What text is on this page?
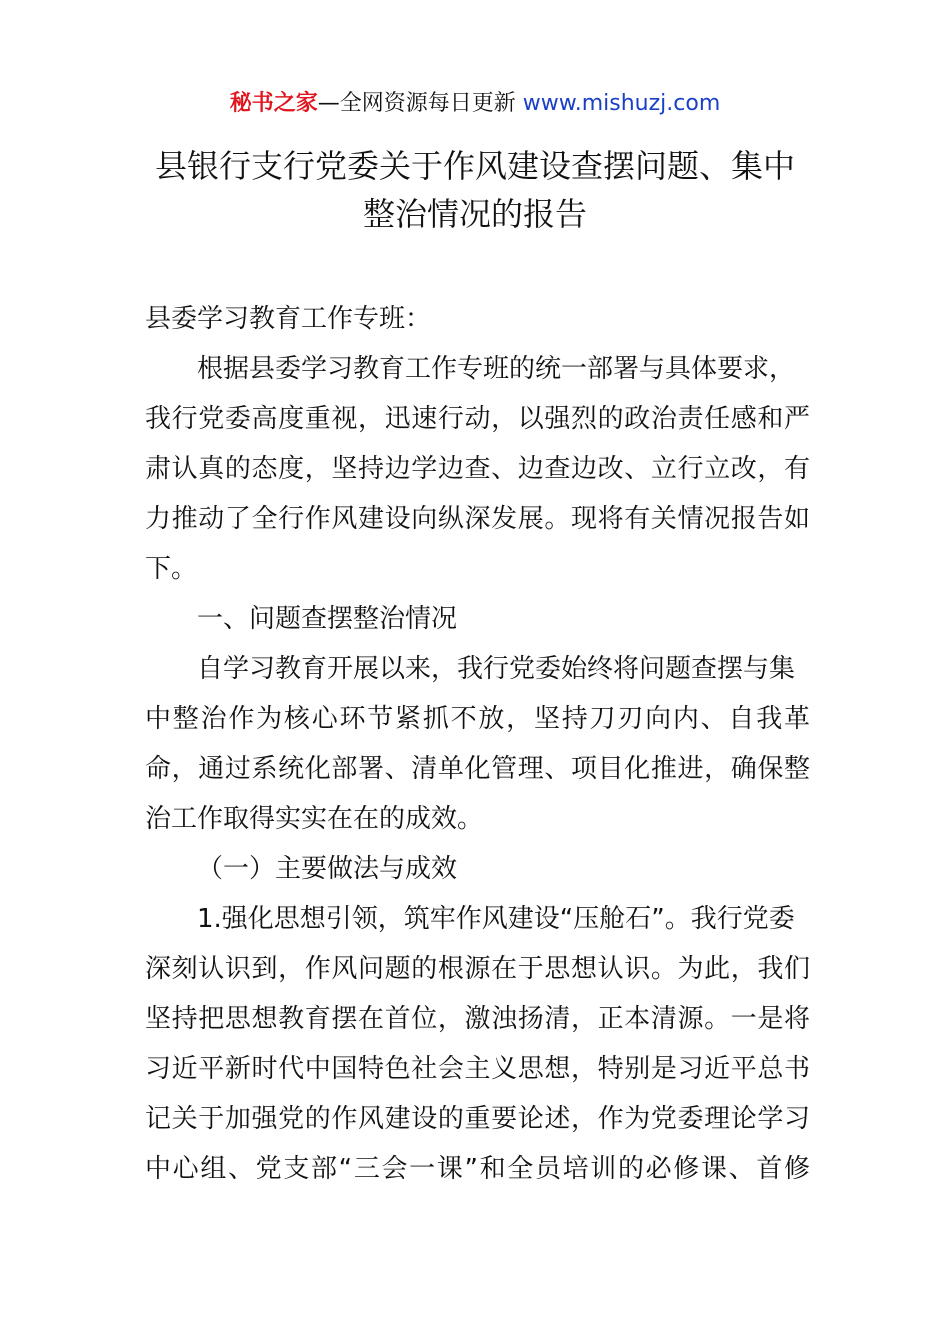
秘书之家—全网资源每日更新 www.mishuzj.com
县银行支行党委关于作风建设查摆问题、集中
整治情况的报告
县委学习教育工作专班：
根据县委学习教育工作专班的统一部署与具体要求，
我行党委高度重视，迅速行动，以强烈的政治责任感和严
肃认真的态度，坚持边学边查、边查边改、立行立改，有
力推动了全行作风建设向纵深发展。现将有关情况报告如
下。
一、问题查摆整治情况
自学习教育开展以来，我行党委始终将问题查摆与集
中整治作为核心环节紧抓不放，坚持刀刃向内、自我革
命，通过系统化部署、清单化管理、项目化推进，确保整
治工作取得实实在在的成效。
（一）主要做法与成效
1.强化思想引领，筑牢作风建设“压舱石”。我行党委
深刻认识到，作风问题的根源在于思想认识。为此，我们
坚持把思想教育摆在首位，激浊扬清，正本清源。一是将
习近平新时代中国特色社会主义思想，特别是习近平总书
记关于加强党的作风建设的重要论述，作为党委理论学习
中心组、党支部“三会一课”和全员培训的必修课、首修
